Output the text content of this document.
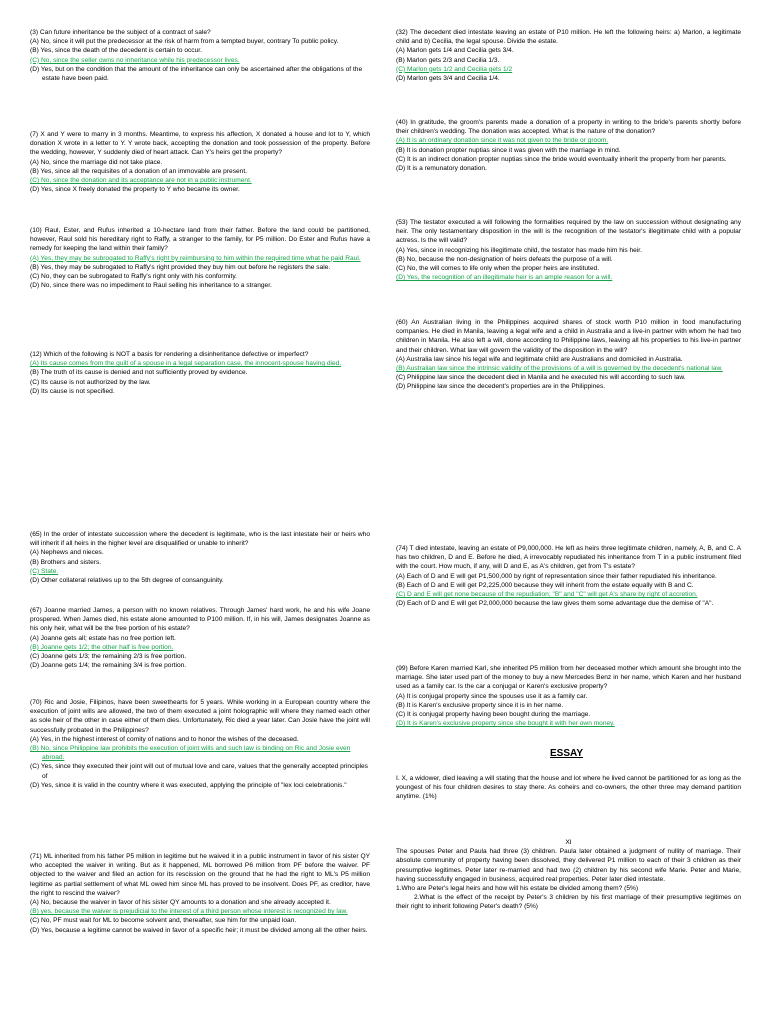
(3) Can future inheritance be the subject of a contract of sale?

(A) No, since it will put the predecessor at the risk of harm from a tempted buyer, contrary To public policy.

(B) Yes, since the death of the decedent is certain to occur.

(C) No, since the seller owns no inheritance while his predecessor lives.

(D) Yes, but on the condition that the amount of the inheritance can only be ascertained after the obligations of the estate have been paid.

(7) X and Y were to marry in 3 months. Meantime, to express his affection, X donated a house and lot to Y, which donation X wrote in a letter to Y. Y wrote back, accepting the donation and took possession of the property. Before the wedding, however, Y suddenly died of heart attack. Can Y's heirs get the property?

(A) No, since the marriage did not take place.

(B) Yes, since all the requisites of a donation of an immovable are present.

(C) No, since the donation and its acceptance are not in a public instrument.

(D) Yes, since X freely donated the property to Y who became its owner.

(10) Raul, Ester, and Rufus inherited a 10-hectare land from their father. Before the land could be partitioned, however, Raul sold his hereditary right to Raffy, a stranger to the family, for P5 million. Do Ester and Rufus have a remedy for keeping the land within their family?

(A) Yes, they may be subrogated to Raffy's right by reimbursing to him within the required time what he paid Raul.

(B) Yes, they may be subrogated to Raffy's right provided they buy him out before he registers the sale.

(C) No, they can be subrogated to Raffy's right only with his conformity.

(D) No, since there was no impediment to Raul selling his inheritance to a stranger.

(12) Which of the following is NOT a basis for rendering a disinheritance defective or imperfect?

(A) Its cause comes from the guilt of a spouse in a legal separation case, the innocent-spouse having died.

(B) The truth of its cause is denied and not sufficiently proved by evidence.

(C) Its cause is not authorized by the law.

(D) Its cause is not specified.

(65) In the order of intestate succession where the decedent is legitimate, who is the last intestate heir or heirs who will inherit if all heirs in the higher level are disqualified or unable to inherit?

(A) Nephews and nieces.

(B) Brothers and sisters.

(C) State.

(D) Other collateral relatives up to the 5th degree of consanguinity.

(67) Joanne married James, a person with no known relatives. Through James' hard work, he and his wife Joane prospered. When James died, his estate alone amounted to P100 million. If, in his will, James designates Joanne as his only heir, what will be the free portion of his estate?

(A) Joanne gets all; estate has no free portion left.

(B) Joanne gets 1/2; the other half is free portion.

(C) Joanne gets 1/3; the remaining 2/3 is free portion.

(D) Joanne gets 1/4; the remaining 3/4 is free portion.

(70) Ric and Josie, Filipinos, have been sweethearts for 5 years. While working in a European country where the execution of joint wills are allowed, the two of them executed a joint holographic will where they named each other as sole heir of the other in case either of them dies. Unfortunately, Ric died a year later. Can Josie have the joint will successfully probated in the Philippines?

(A) Yes, in the highest interest of comity of nations and to honor the wishes of the deceased.

(B) No, since Philippine law prohibits the execution of joint wills and such law is binding on Ric and Josie even abroad.

(C) Yes, since they executed their joint will out of mutual love and care, values that the generally accepted principles of

(D) Yes, since it is valid in the country where it was executed, applying the principle of "lex loci celebrationis."

(71) ML inherited from his father P5 million in legitime but he waived it in a public instrument in favor of his sister QY who accepted the waiver in writing. But as it happened, ML borrowed P6 million from PF before the waiver. PF objected to the waiver and filed an action for its rescission on the ground that he had the right to ML's P5 million legitime as partial settlement of what ML owed him since ML has proved to be insolvent. Does PF, as creditor, have the right to rescind the waiver?

(A) No, because the waiver in favor of his sister QY amounts to a donation and she already accepted it.

(B) yes, because the waiver is prejudicial to the interest of a third person whose interest is recognized by law.

(C) No, PF must wait for ML to become solvent and, thereafter, sue him for the unpaid loan.

(D) Yes, because a legitime cannot be waived in favor of a specific heir; it must be divided among all the other heirs.

(32) The decedent died intestate leaving an estate of P10 million. He left the following heirs: a) Marlon, a legitimate child and b) Cecilia, the legal spouse. Divide the estate.

(A) Marlon gets 1/4 and Cecilia gets 3/4.

(B) Marlon gets 2/3 and Cecilia 1/3.

(C) Marlon gets 1/2 and Cecilia gets 1/2

(D) Marlon gets 3/4 and Cecilia 1/4.

(40) In gratitude, the groom's parents made a donation of a property in writing to the bride's parents shortly before their children's wedding. The donation was accepted. What is the nature of the donation?

(A) It is an ordinary donation since it was not given to the bride or groom.

(B) It is donation propter nuptias since it was given with the marriage in mind.

(C) It is an indirect donation propter nuptias since the bride would eventually inherit the property from her parents.

(D) It is a remunatory donation.

(53) The testator executed a will following the formalities required by the law on succession without designating any heir. The only testamentary disposition in the will is the recognition of the testator's illegitimate child with a popular actress. Is the will valid?

(A) Yes, since in recognizing his illegitimate child, the testator has made him his heir.

(B) No, because the non-designation of heirs defeats the purpose of a will.

(C) No, the will comes to life only when the proper heirs are instituted.

(D) Yes, the recognition of an illegitimate heir is an ample reason for a will.

(60) An Australian living in the Philippines acquired shares of stock worth P10 million in food manufacturing companies. He died in Manila, leaving a legal wife and a child in Australia and a live-in partner with whom he had two children in Manila. He also left a will, done according to Philippine laws, leaving all his properties to his live-in partner and their children. What law will govern the validity of the disposition in the will?

(A) Australia law since his legal wife and legitimate child are Australians and domiciled in Australia.

(B) Australian law since the intrinsic validity of the provisions of a will is governed by the decedent's national law.

(C) Philippine law since the decedent died in Manila and he executed his will according to such law.

(D) Philippine law since the decedent's properties are in the Philippines.

(74) T died intestate, leaving an estate of P9,000,000. He left as heirs three legitimate children, namely, A, B, and C. A has two children, D and E. Before he died, A irrevocably repudiated his inheritance from T in a public instrument filed with the court. How much, if any, will D and E, as A's children, get from T's estate?

(A) Each of D and E will get P1,500,000 by right of representation since their father repudiated his inheritance.

(B) Each of D and E will get P2,225,000 because they will inherit from the estate equally with B and C.

(C) D and E will get none because of the repudiation; "B" and "C" will get A's share by right of accretion.

(D) Each of D and E will get P2,000,000 because the law gives them some advantage due the demise of "A".

(99) Before Karen married Karl, she inherited P5 million from her deceased mother which amount she brought into the marriage. She later used part of the money to buy a new Mercedes Benz in her name, which Karen and her husband used as a family car. Is the car a conjugal or Karen's exclusive property?

(A) It is conjugal property since the spouses use it as a family car.

(B) It is Karen's exclusive property since it is in her name.

(C) It is conjugal property having been bought during the marriage.

(D) It is Karen's exclusive property since she bought it with her own money.

ESSAY

I. X, a widower, died leaving a will stating that the house and lot where he lived cannot be partitioned for as long as the youngest of his four children desires to stay there. As coheirs and co-owners, the other three may demand partition anytime. (1%)

XI

The spouses Peter and Paula had three (3) children. Paula later obtained a judgment of nullity of marriage. Their absolute community of property having been dissolved, they delivered P1 million to each of their 3 children as their presumptive legitimes. Peter later re-married and had two (2) children by his second wife Marie. Peter and Marie, having successfully engaged in business, acquired real properties. Peter later died intestate.

1.Who are Peter's legal heirs and how will his estate be divided among them? (5%)

2.What is the effect of the receipt by Peter's 3 children by his first marriage of their presumptive legitimes on their right to inherit following Peter's death? (5%)
